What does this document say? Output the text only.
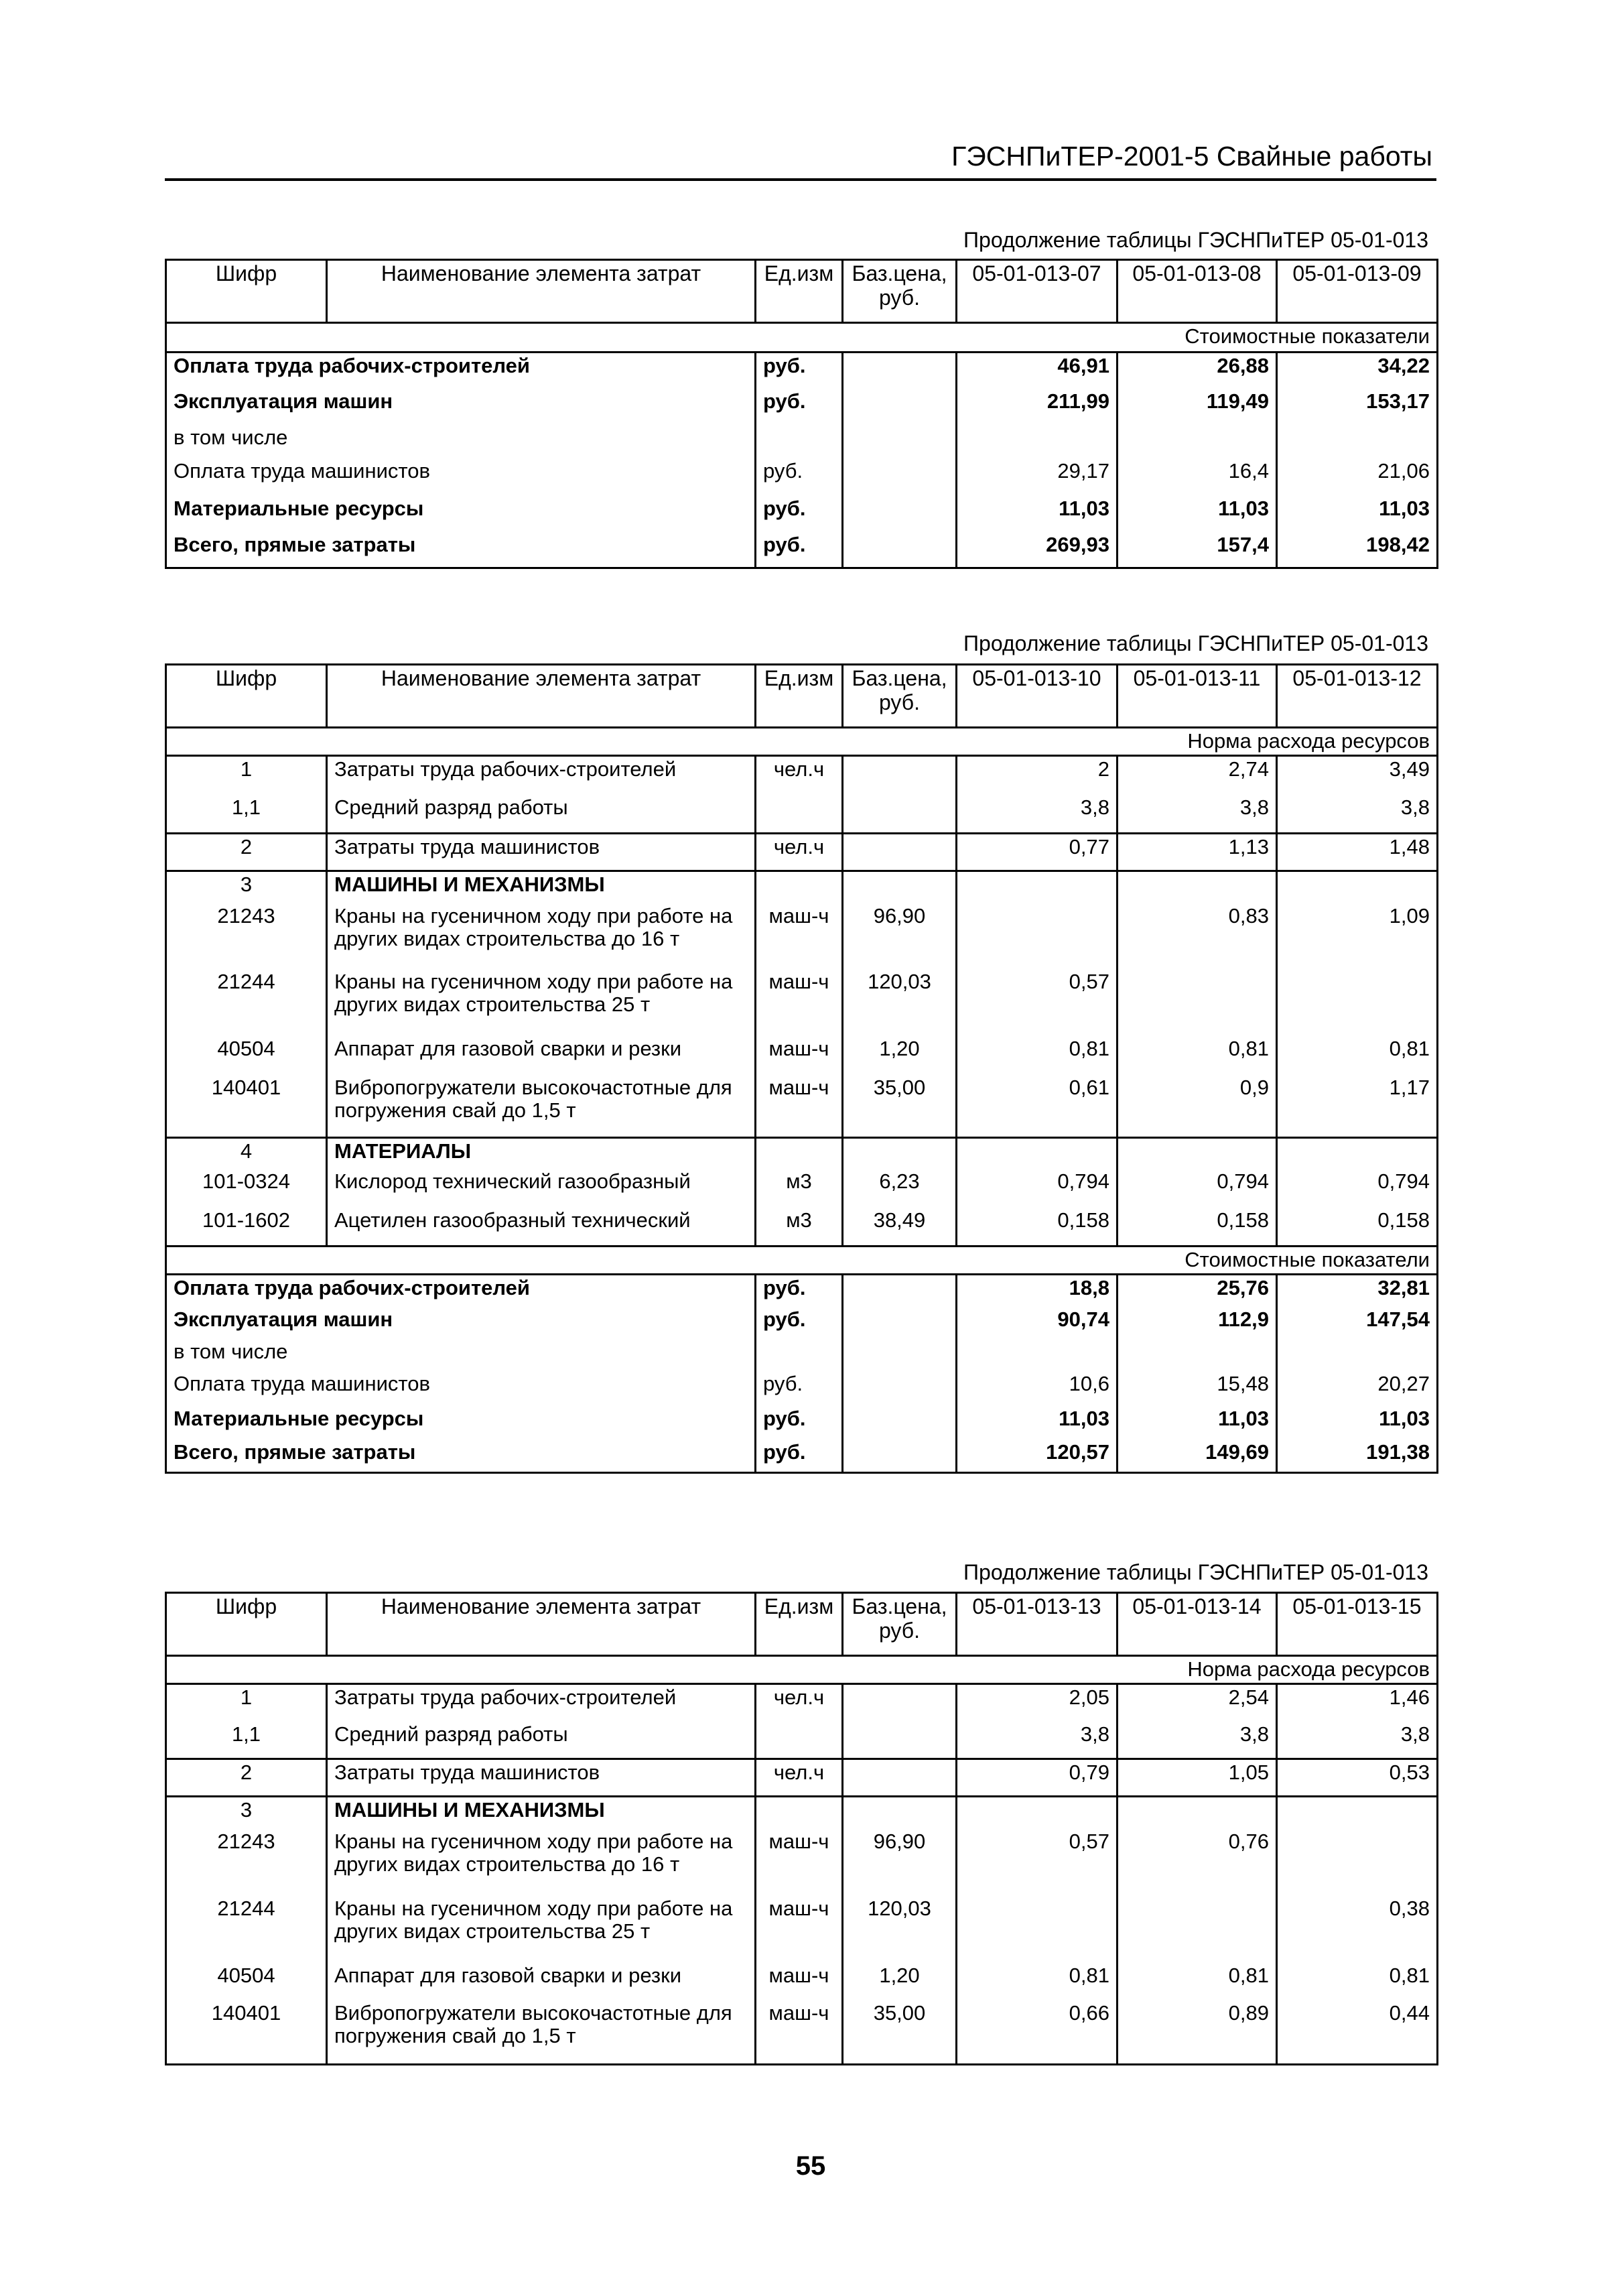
ГЭСНПиТЕР-2001-5 Свайные работы
Продолжение таблицы ГЭСНПиТЕР 05-01-013
Шифр	Наименование элемента затрат	Ед.изм	Баз.цена, руб.	05-01-013-07	05-01-013-08	05-01-013-09
Стоимостные показатели						
Оплата труда рабочих-строителей		руб.		46,91	26,88	34,22
Эксплуатация машин		руб.		211,99	119,49	153,17
в том числе						
Оплата труда машинистов		руб.		29,17	16,4	21,06
Материальные ресурсы		руб.		11,03	11,03	11,03
Всего, прямые затраты		руб.		269,93	157,4	198,42
Продолжение таблицы ГЭСНПиТЕР 05-01-013
Шифр	Наименование элемента затрат	Ед.изм	Баз.цена, руб.	05-01-013-10	05-01-013-11	05-01-013-12
Норма расхода ресурсов						
1	Затраты труда рабочих-строителей	чел.ч		2	2,74	3,49
1,1	Средний разряд работы			3,8	3,8	3,8
2	Затраты труда машинистов	чел.ч		0,77	1,13	1,48
3	МАШИНЫ И МЕХАНИЗМЫ					
21243	Краны на гусеничном ходу при работе на других видах строительства до 16 т	маш-ч	96,90		0,83	1,09
21244	Краны на гусеничном ходу при работе на других видах строительства 25 т	маш-ч	120,03	0,57		
40504	Аппарат для газовой сварки и резки	маш-ч	1,20	0,81	0,81	0,81
140401	Вибропогружатели высокочастотные для погружения свай до 1,5 т	маш-ч	35,00	0,61	0,9	1,17
4	МАТЕРИАЛЫ					
101-0324	Кислород технический газообразный	м3	6,23	0,794	0,794	0,794
101-1602	Ацетилен газообразный технический	м3	38,49	0,158	0,158	0,158
Стоимостные показатели						
Оплата труда рабочих-строителей		руб.		18,8	25,76	32,81
Эксплуатация машин		руб.		90,74	112,9	147,54
в том числе						
Оплата труда машинистов		руб.		10,6	15,48	20,27
Материальные ресурсы		руб.		11,03	11,03	11,03
Всего, прямые затраты		руб.		120,57	149,69	191,38
Продолжение таблицы ГЭСНПиТЕР 05-01-013
Шифр	Наименование элемента затрат	Ед.изм	Баз.цена, руб.	05-01-013-13	05-01-013-14	05-01-013-15
Норма расхода ресурсов						
1	Затраты труда рабочих-строителей	чел.ч		2,05	2,54	1,46
1,1	Средний разряд работы			3,8	3,8	3,8
2	Затраты труда машинистов	чел.ч		0,79	1,05	0,53
3	МАШИНЫ И МЕХАНИЗМЫ					
21243	Краны на гусеничном ходу при работе на других видах строительства до 16 т	маш-ч	96,90	0,57	0,76	
21244	Краны на гусеничном ходу при работе на других видах строительства 25 т	маш-ч	120,03			0,38
40504	Аппарат для газовой сварки и резки	маш-ч	1,20	0,81	0,81	0,81
140401	Вибропогружатели высокочастотные для погружения свай до 1,5 т	маш-ч	35,00	0,66	0,89	0,44
55
